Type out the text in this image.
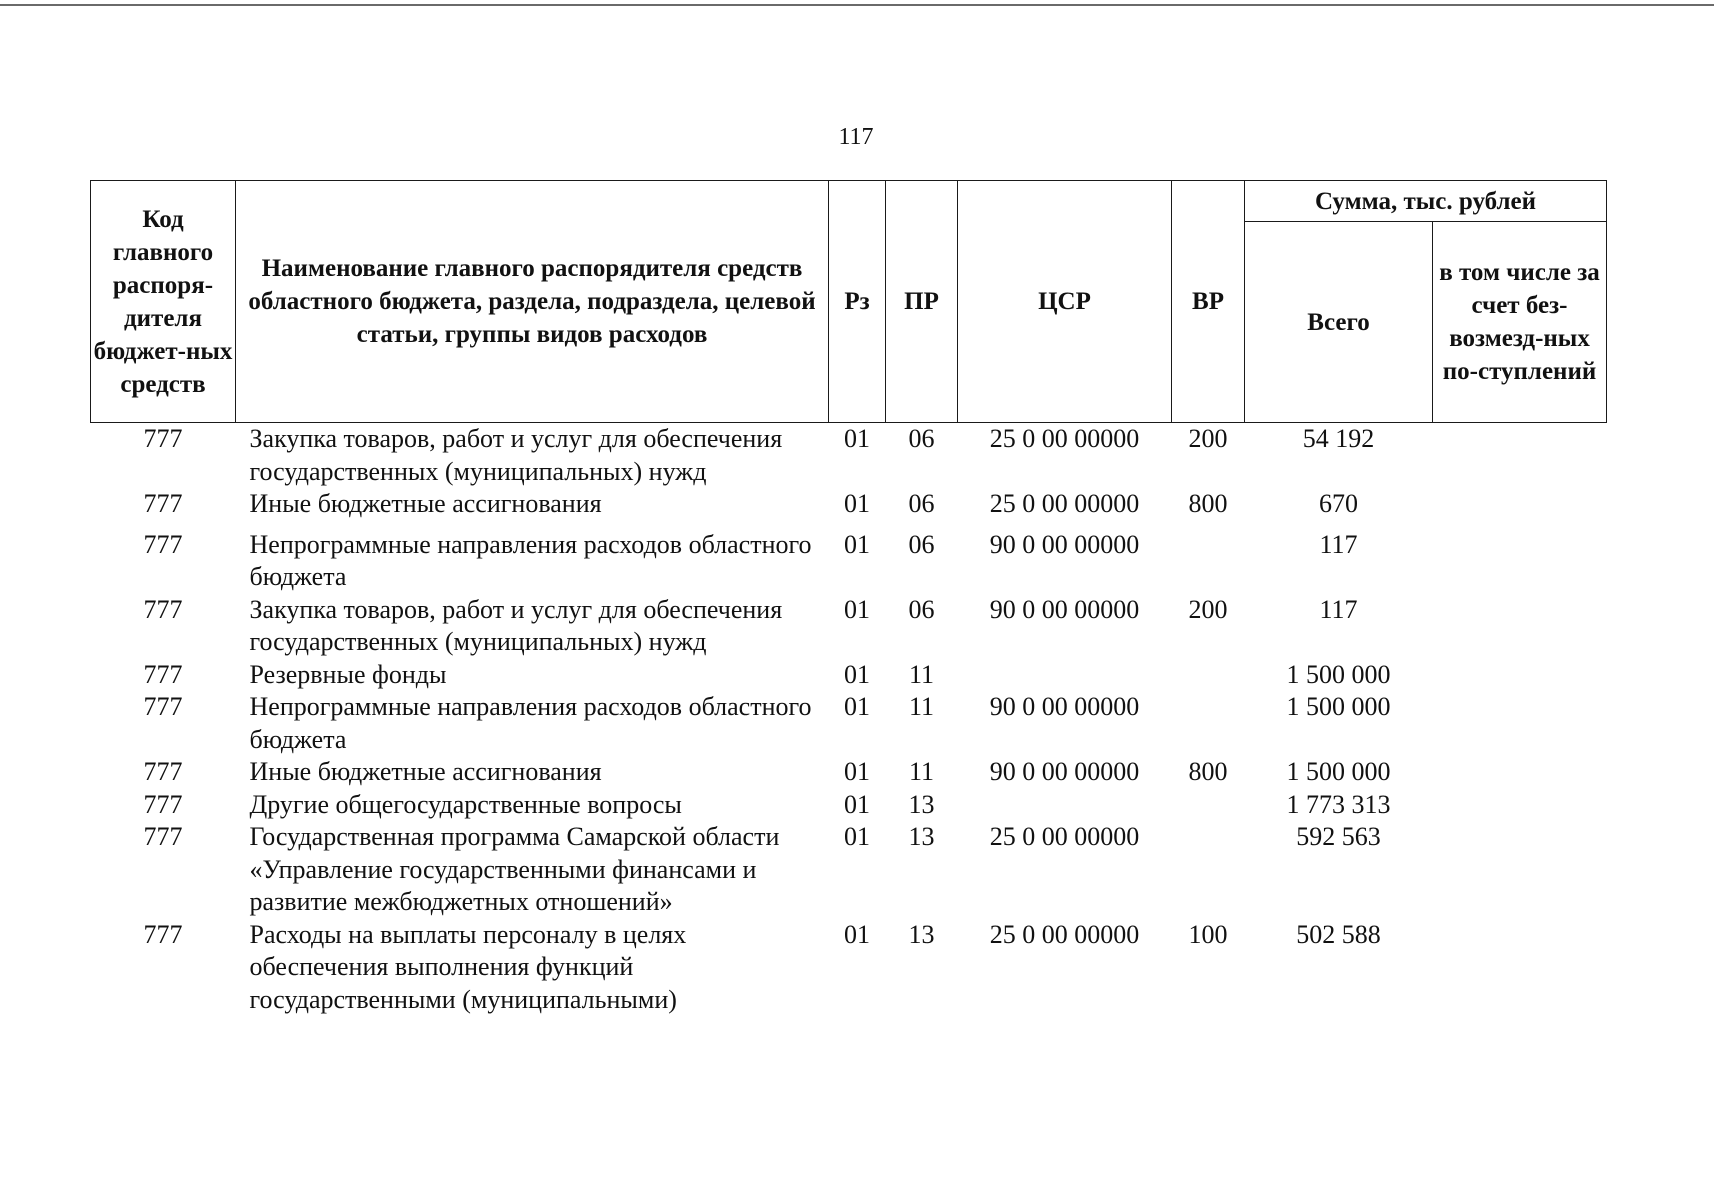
117
Код главного распоря-дителя бюджет-ных средств	Наименование главного распорядителя средств областного бюджета, раздела, подраздела, целевой статьи, группы видов расходов	Рз	ПР	ЦСР	ВР	Сумма, тыс. рублей	
						Всего	в том числе за счет без-возмезд-ных по-ступлений
777	Закупка товаров, работ и услуг для обеспечения государственных (муниципальных) нужд	01	06	25 0 00 00000	200	54 192	
777	Иные бюджетные ассигнования	01	06	25 0 00 00000	800	670	
777	Непрограммные направления расходов областного бюджета	01	06	90 0 00 00000		117	
777	Закупка товаров, работ и услуг для обеспечения государственных (муниципальных) нужд	01	06	90 0 00 00000	200	117	
777	Резервные фонды	01	11			1 500 000	
777	Непрограммные направления расходов областного бюджета	01	11	90 0 00 00000		1 500 000	
777	Иные бюджетные ассигнования	01	11	90 0 00 00000	800	1 500 000	
777	Другие общегосударственные вопросы	01	13			1 773 313	
777	Государственная программа Самарской области «Управление государственными финансами и развитие межбюджетных отношений»	01	13	25 0 00 00000		592 563	
777	Расходы на выплаты персоналу в целях обеспечения выполнения функций государственными (муниципальными)	01	13	25 0 00 00000	100	502 588	
